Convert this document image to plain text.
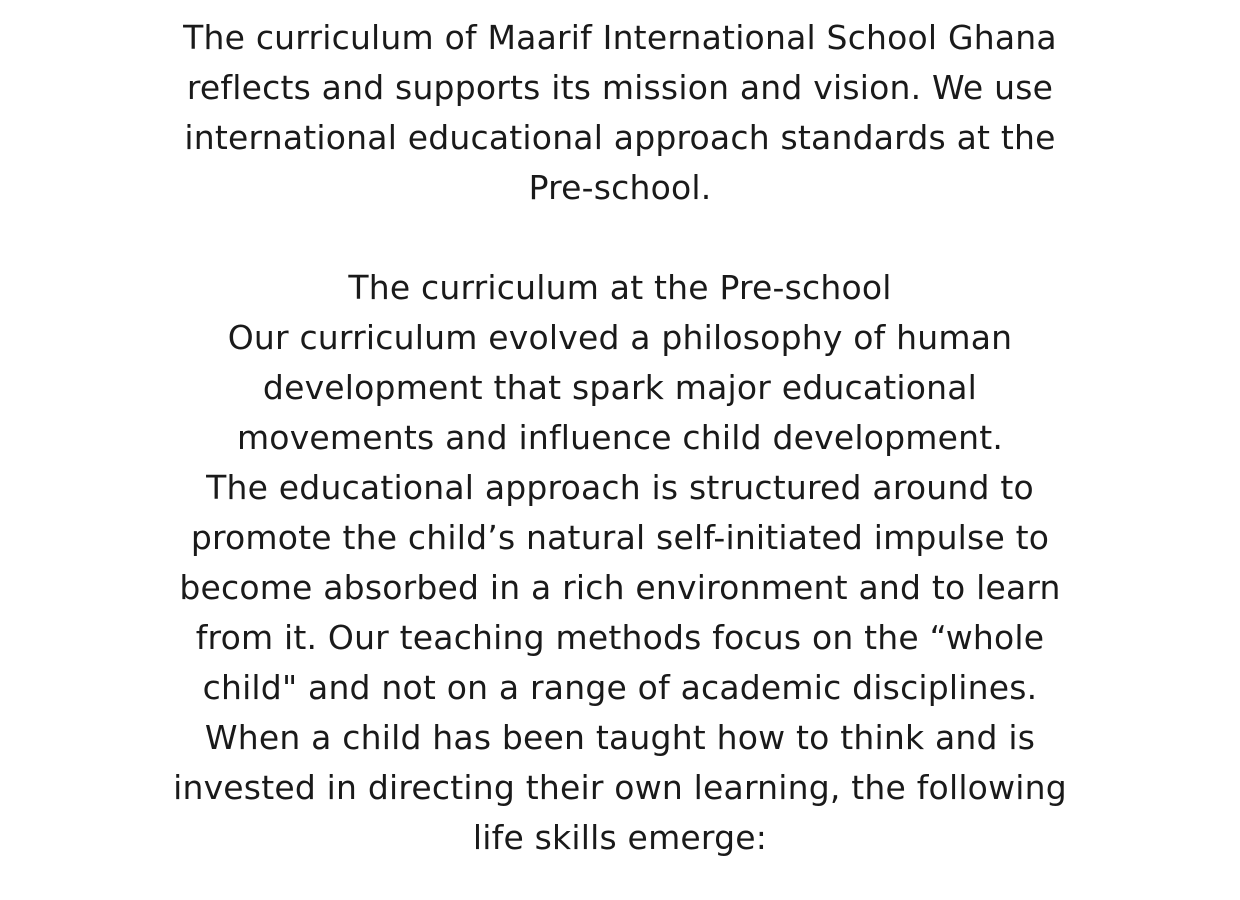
The curriculum of Maarif International School Ghana reflects and supports its mission and vision. We use international educational approach standards at the Pre-school.

The curriculum at the Pre-school

Our curriculum evolved a philosophy of human development that spark major educational movements and influence child development.

The educational approach is structured around to promote the child’s natural self-initiated impulse to become absorbed in a rich environment and to learn from it. Our teaching methods focus on the “whole child" and not on a range of academic disciplines.

When a child has been taught how to think and is invested in directing their own learning, the following life skills emerge:
